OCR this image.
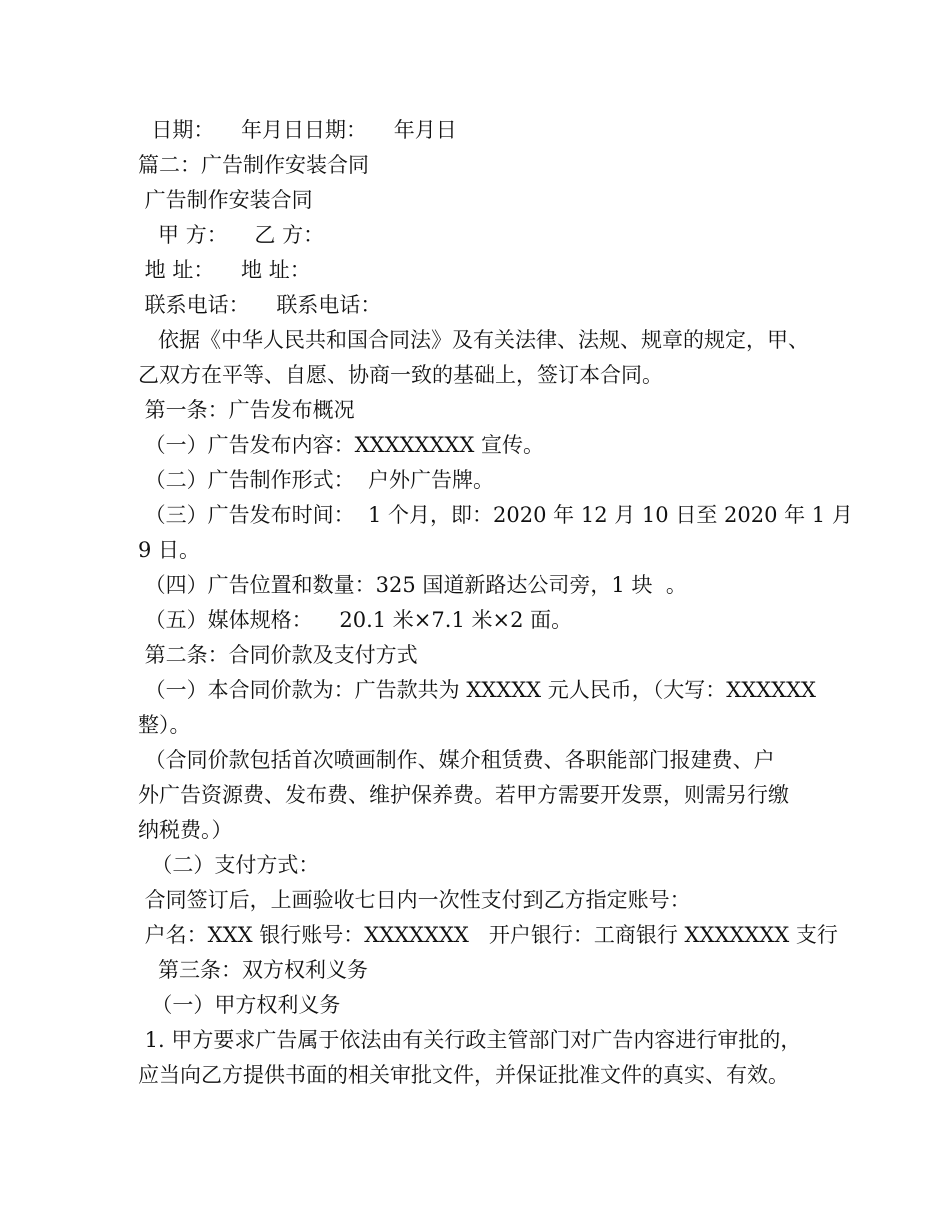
日期：    年月日日期：    年月日
篇二：广告制作安装合同
广告制作安装合同
甲 方：    乙 方：
地 址：    地 址：
联系电话：    联系电话：
依据《中华人民共和国合同法》及有关法律、法规、规章的规定，甲、
乙双方在平等、自愿、协商一致的基础上，签订本合同。
第一条：广告发布概况
（一）广告发布内容：XXXXXXXX 宣传。
（二）广告制作形式：  户外广告牌。
（三）广告发布时间：  1 个月，即：2020 年 12 月 10 日至 2020 年 1 月
9 日。
（四）广告位置和数量：325 国道新路达公司旁，1 块  。
（五）媒体规格：    20.1 米×7.1 米×2 面。
第二条：合同价款及支付方式
（一）本合同价款为：广告款共为 XXXXX 元人民币，（大写：XXXXXX
整）。
（合同价款包括首次喷画制作、媒介租赁费、各职能部门报建费、户
外广告资源费、发布费、维护保养费。若甲方需要开发票，则需另行缴
纳税费。）
（二）支付方式：
合同签订后，上画验收七日内一次性支付到乙方指定账号：
户名：XXX 银行账号：XXXXXXX   开户银行：工商银行 XXXXXXX 支行
第三条：双方权利义务
（一）甲方权利义务
1. 甲方要求广告属于依法由有关行政主管部门对广告内容进行审批的，
应当向乙方提供书面的相关审批文件，并保证批准文件的真实、有效。
